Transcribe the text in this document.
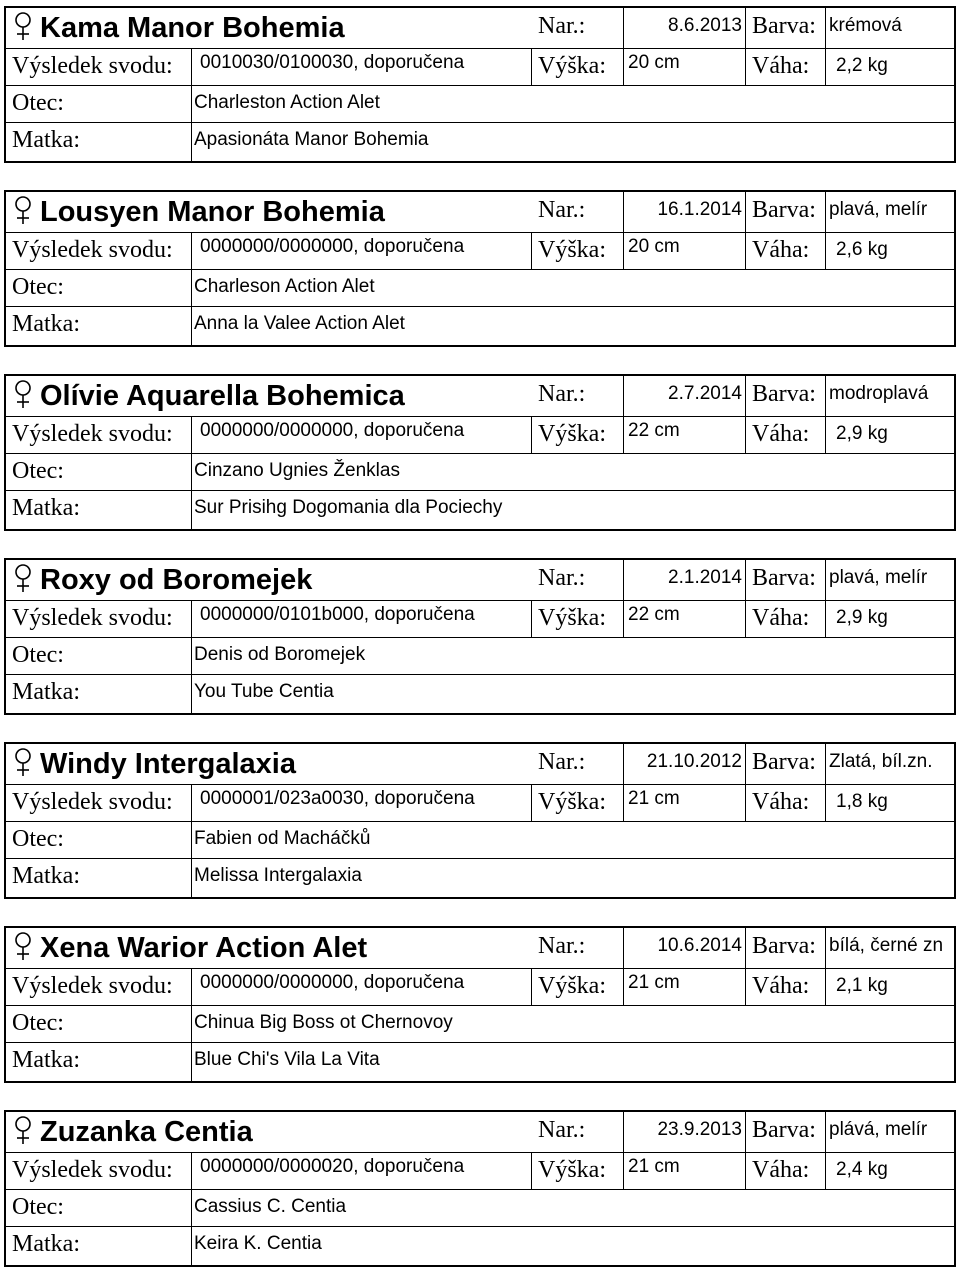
Kama Manor Bohemia	Nar.:	8.6.2013 Barva: krémová
Výsledek svodu:	0010030/0100030, doporučena	Výška:	20 cm	Váha:	2,2 kg
Otec:	Charleston Action Alet
Matka:	Apasionáta Manor Bohemia
Lousyen Manor Bohemia	Nar.:	16.1.2014 Barva: plavá, melír
Výsledek svodu:	0000000/0000000, doporučena	Výška:	20 cm	Váha:	2,6 kg
Otec:	Charleson Action Alet
Matka:	Anna la Valee Action Alet
Olívie Aquarella Bohemica	Nar.:	2.7.2014 Barva: modroplavá
Výsledek svodu:	0000000/0000000, doporučena	Výška:	22 cm	Váha:	2,9 kg
Otec:	Cinzano Ugnies Ženklas
Matka:	Sur Prisihg Dogomania dla Pociechy
Roxy od Boromejek	Nar.:	2.1.2014 Barva: plavá, melír
Výsledek svodu:	0000000/0101b000, doporučena	Výška:	22 cm	Váha:	2,9 kg
Otec:	Denis od Boromejek
Matka:	You Tube Centia
Windy Intergalaxia	Nar.:	21.10.2012 Barva: Zlatá, bíl.zn.
Výsledek svodu:	0000001/023a0030, doporučena	Výška:	21 cm	Váha:	1,8 kg
Otec:	Fabien od Macháčků
Matka:	Melissa Intergalaxia
Xena Warior Action Alet	Nar.:	10.6.2014 Barva: bílá, černé zn
Výsledek svodu:	0000000/0000000, doporučena	Výška:	21 cm	Váha:	2,1 kg
Otec:	Chinua Big Boss ot Chernovoy
Matka:	Blue Chi's Vila La Vita
Zuzanka Centia	Nar.:	23.9.2013 Barva: plává, melír
Výsledek svodu:	0000000/0000020, doporučena	Výška:	21 cm	Váha:	2,4 kg
Otec:	Cassius C. Centia
Matka:	Keira K. Centia
